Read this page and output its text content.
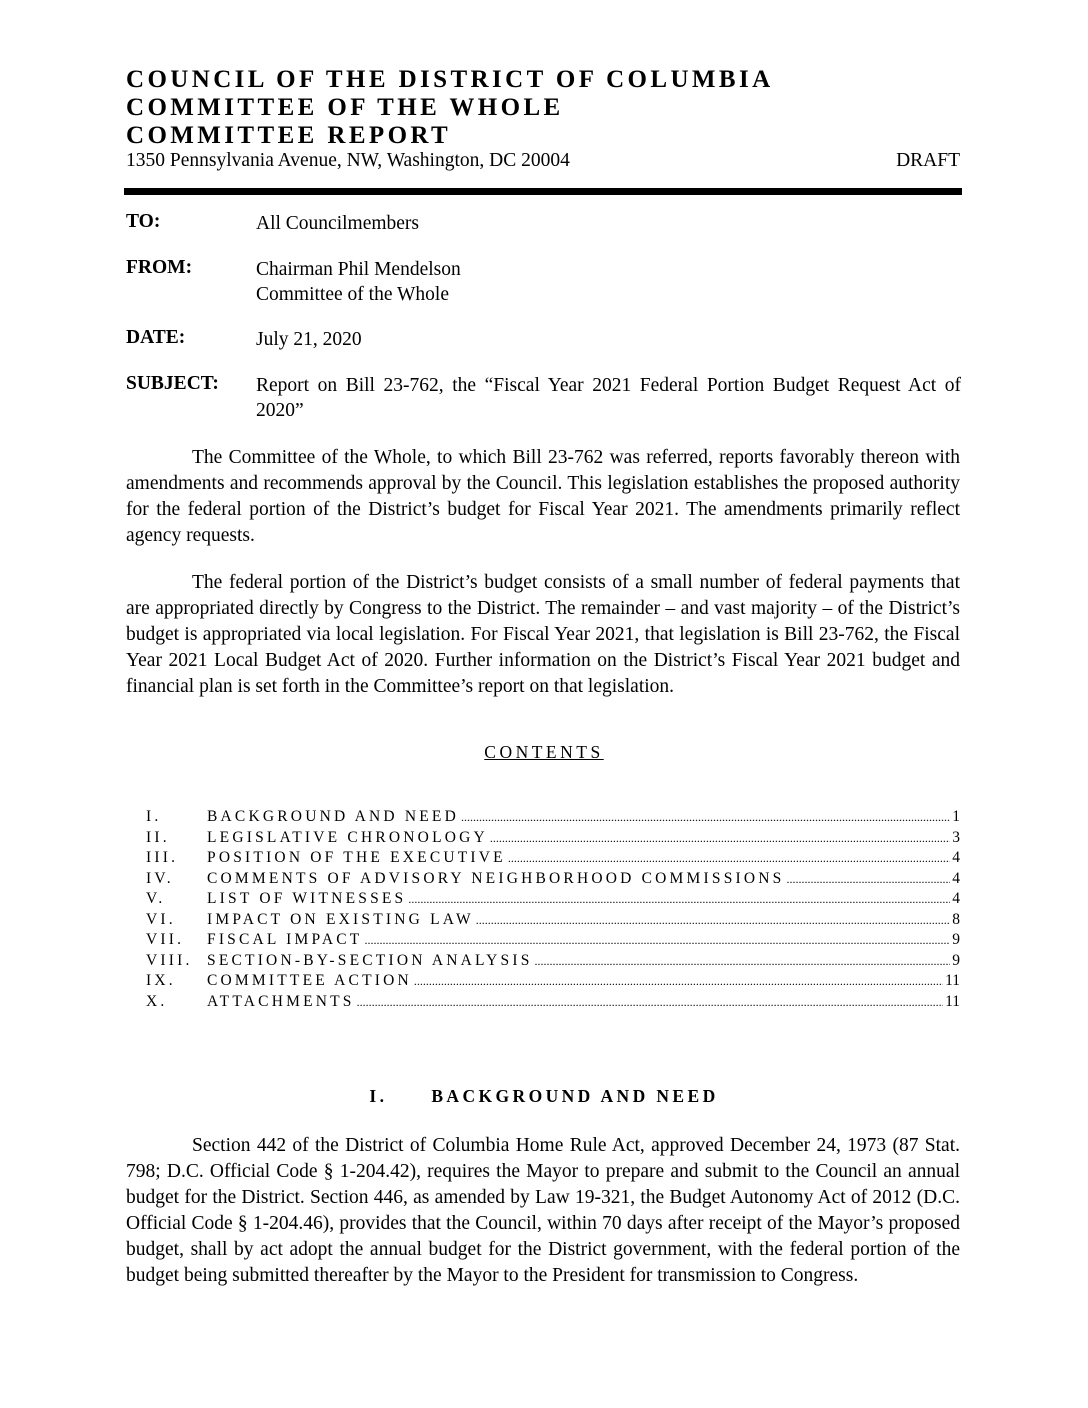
COUNCIL OF THE DISTRICT OF COLUMBIA
COMMITTEE OF THE WHOLE
COMMITTEE REPORT
1350 Pennsylvania Avenue, NW, Washington, DC 20004	DRAFT
TO:	All Councilmembers
FROM:	Chairman Phil Mendelson
Committee of the Whole
DATE:	July 21, 2020
SUBJECT: Report on Bill 23-762, the “Fiscal Year 2021 Federal Portion Budget Request Act of 2020”

The Committee of the Whole, to which Bill 23-762 was referred, reports favorably thereon with amendments and recommends approval by the Council. This legislation establishes the proposed authority for the federal portion of the District’s budget for Fiscal Year 2021. The amendments primarily reflect agency requests.

The federal portion of the District’s budget consists of a small number of federal payments that are appropriated directly by Congress to the District. The remainder – and vast majority – of the District’s budget is appropriated via local legislation. For Fiscal Year 2021, that legislation is Bill 23-762, the Fiscal Year 2021 Local Budget Act of 2020. Further information on the District’s Fiscal Year 2021 budget and financial plan is set forth in the Committee’s report on that legislation.

CONTENTS
I.	BACKGROUND AND NEED .....	1
II.	LEGISLATIVE CHRONOLOGY .....	3
III.	POSITION OF THE EXECUTIVE .....	4
IV.	COMMENTS OF ADVISORY NEIGHBORHOOD COMMISSIONS .....	4
V.	LIST OF WITNESSES .....	4
VI.	IMPACT ON EXISTING LAW .....	8
VII.	FISCAL IMPACT .....	9
VIII. SECTION-BY-SECTION ANALYSIS .....	9
IX.	COMMITTEE ACTION .....	11
X.	ATTACHMENTS .....	11
I.	BACKGROUND AND NEED

Section 442 of the District of Columbia Home Rule Act, approved December 24, 1973 (87 Stat. 798; D.C. Official Code § 1-204.42), requires the Mayor to prepare and submit to the Council an annual budget for the District. Section 446, as amended by Law 19-321, the Budget Autonomy Act of 2012 (D.C. Official Code § 1-204.46), provides that the Council, within 70 days after receipt of the Mayor’s proposed budget, shall by act adopt the annual budget for the District government, with the federal portion of the budget being submitted thereafter by the Mayor to the President for transmission to Congress.
